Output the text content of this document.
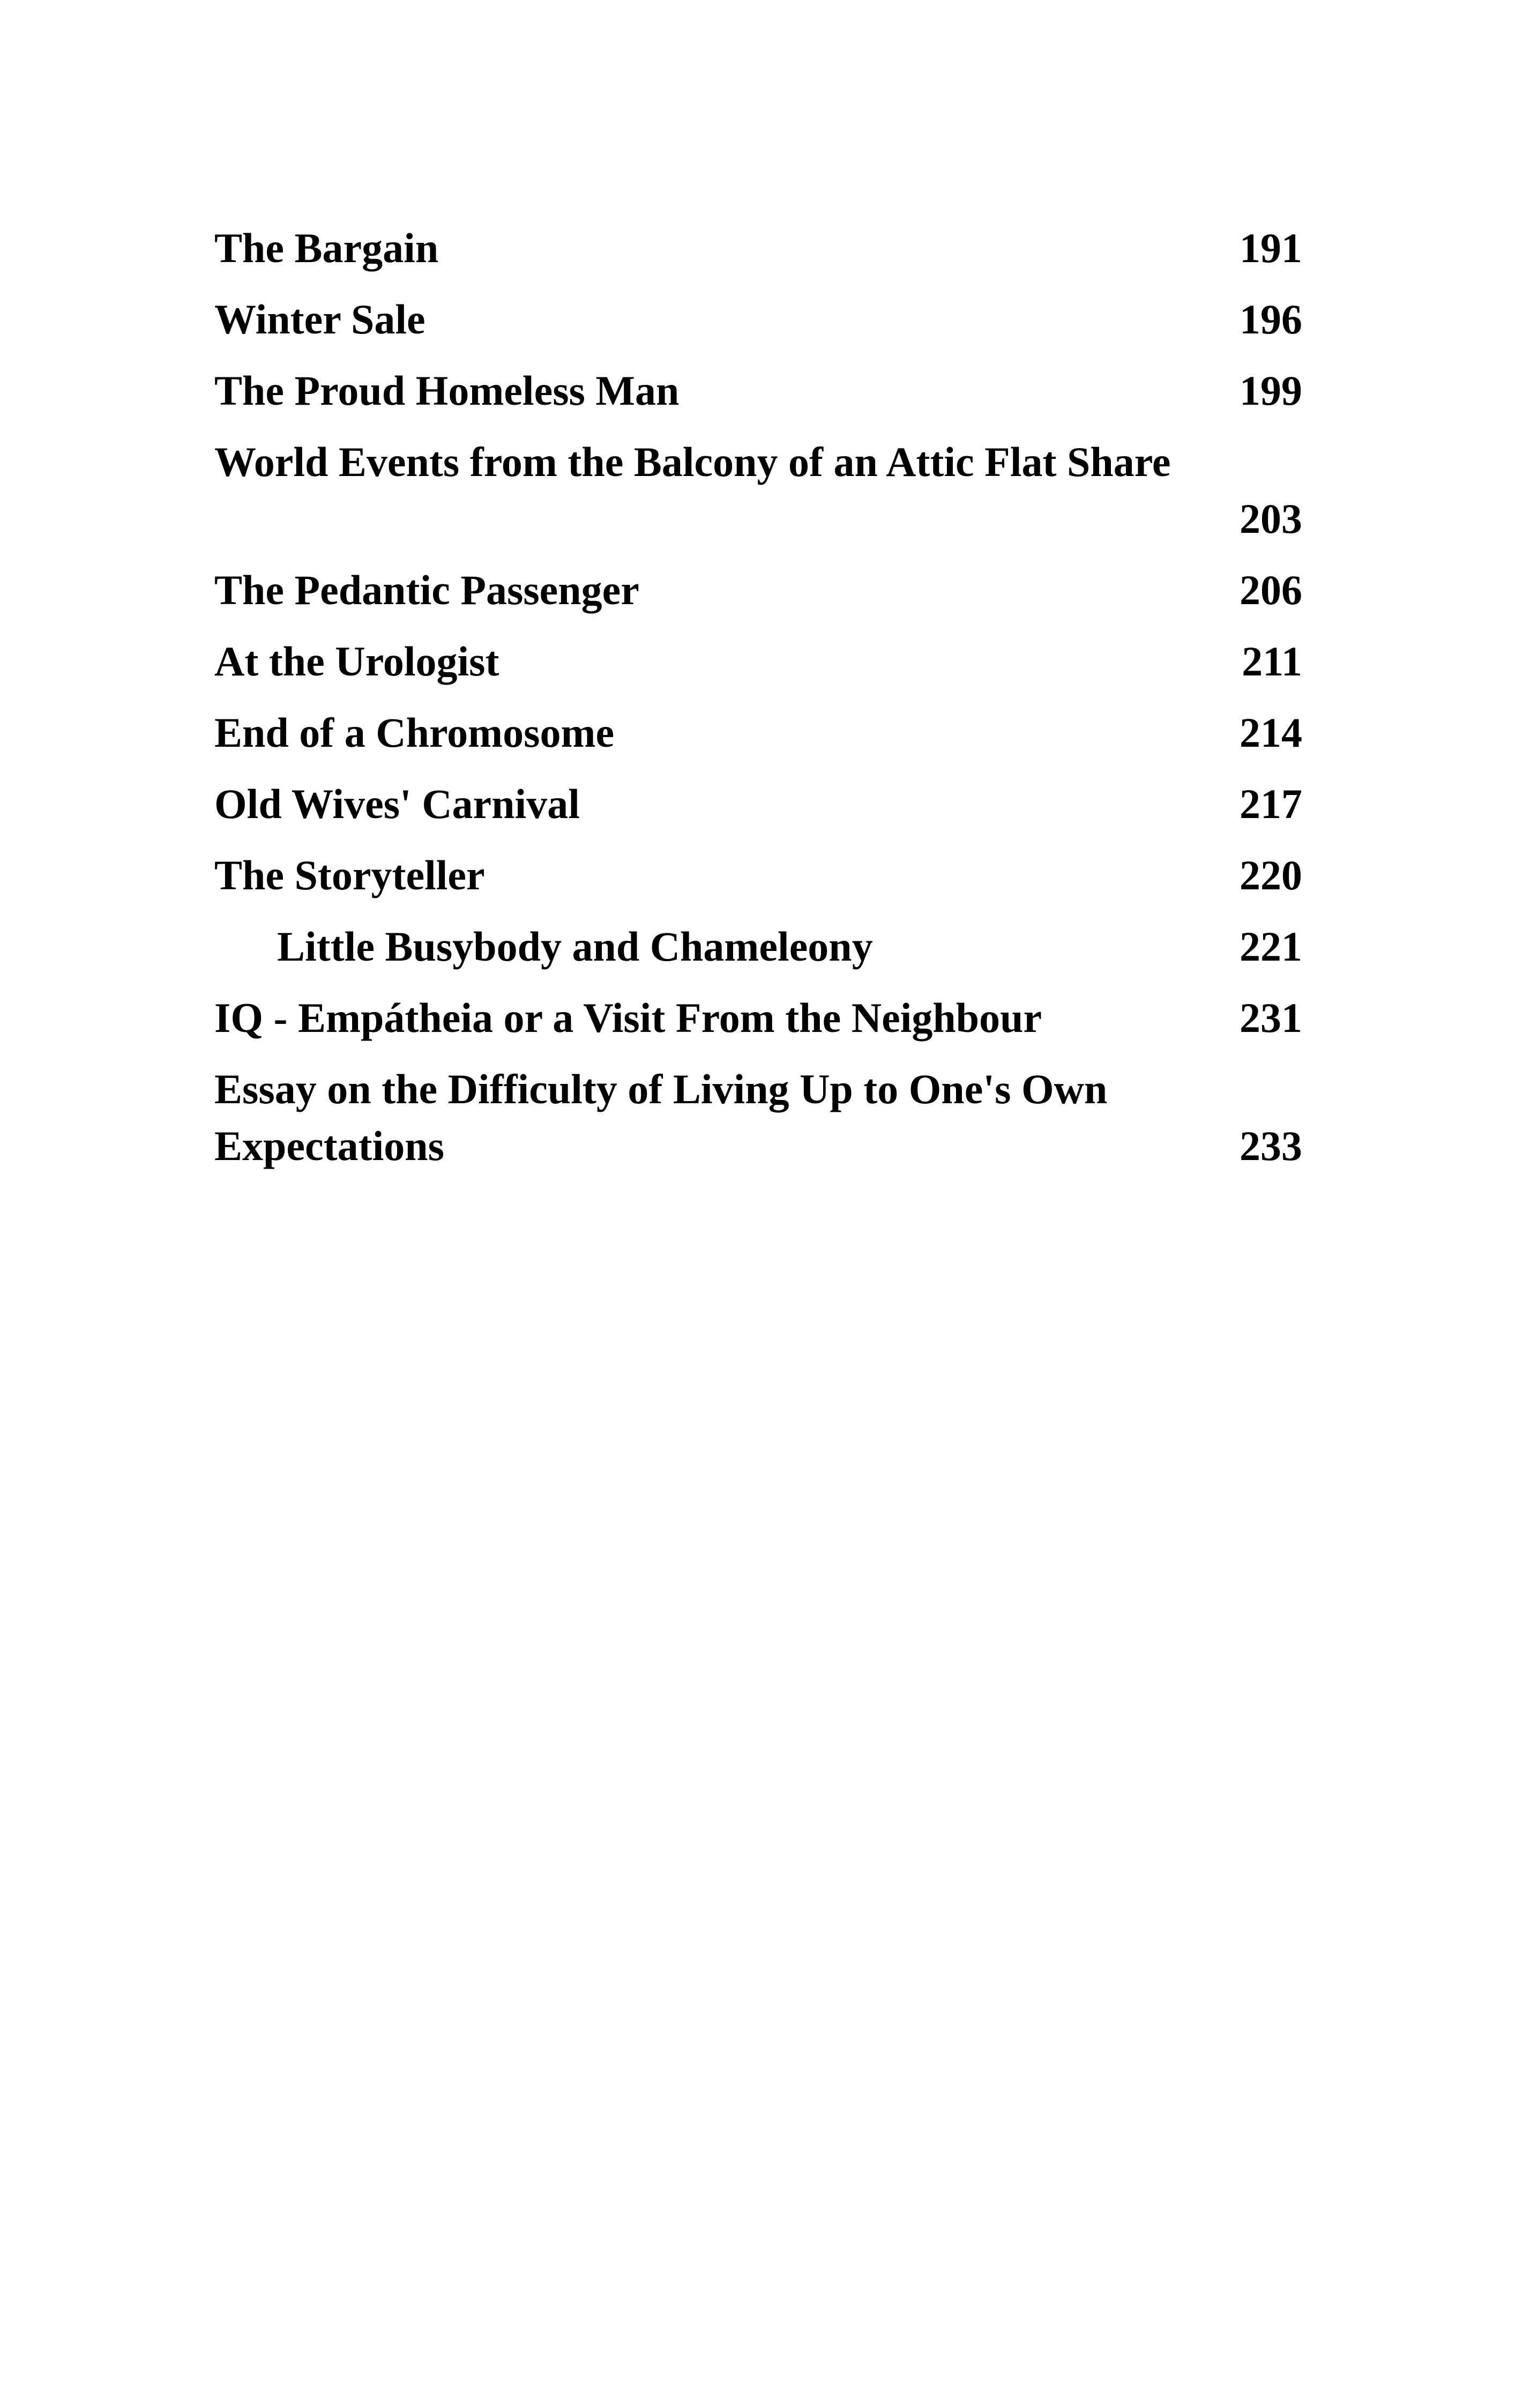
The Bargain	191
Winter Sale	196
The Proud Homeless Man	199
World Events from the Balcony of an Attic Flat Share
203
The Pedantic Passenger	206
At the Urologist	211
End of a Chromosome	214
Old Wives' Carnival	217
The Storyteller	220
Little Busybody and Chameleony	221
IQ - Empátheia or a Visit From the Neighbour	231
Essay on the Difficulty of Living Up to One's Own
Expectations	233
